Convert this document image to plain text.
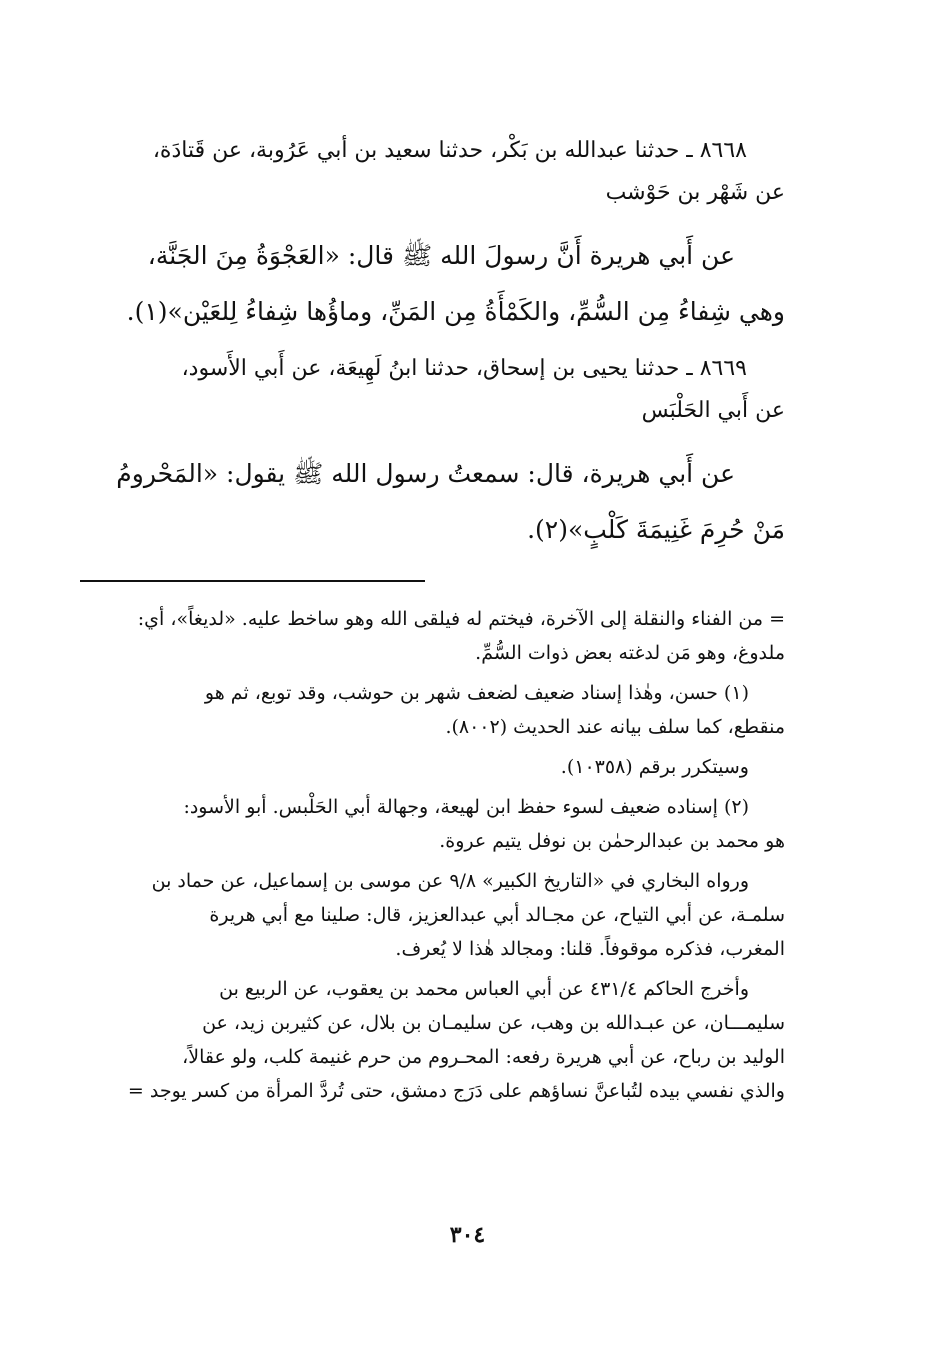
٨٦٦٨ ـ حدثنا عبدالله بن بَكْر، حدثنا سعيد بن أبي عَرُوبة، عن قَتادَة،
عن شَهْر بن حَوْشب
عن أَبي هريرة أَنَّ رسولَ الله ﷺ قال: «العَجْوَةُ مِنَ الجَنَّة،
وهي شِفاءُ مِن السُّمِّ، والكَمْأَةُ مِن المَنِّ، وماؤُها شِفاءُ لِلعَيْن»(١).
٨٦٦٩ ـ حدثنا يحيى بن إسحاق، حدثنا ابنُ لَهِيعَة، عن أَبي الأَسود،
عن أَبي الحَلْبَس
عن أَبي هريرة، قال: سمعتُ رسول الله ﷺ يقول: «المَحْرومُ
مَنْ حُرِمَ غَنِيمَةَ كَلْبٍ»(٢).
= من الفناء والنقلة إلى الآخرة، فيختم له فيلقى الله وهو ساخط عليه. «لديغاً»، أي:
ملدوغ، وهو مَن لدغته بعض ذوات السُّمِّ.
(١) حسن، وهٰذا إسناد ضعيف لضعف شهر بن حوشب، وقد توبع، ثم هو
منقطع، كما سلف بيانه عند الحديث (٨٠٠٢).
وسيتكرر برقم (١٠٣٥٨).
(٢) إسناده ضعيف لسوء حفظ ابن لهيعة، وجهالة أبي الحَلْبس. أبو الأسود:
هو محمد بن عبدالرحمٰن بن نوفل يتيم عروة.
ورواه البخاري في «التاريخ الكبير» ٩/٨ عن موسى بن إسماعيل، عن حماد بن
سلمـة، عن أبي التياح، عن مجـالد أبي عبدالعزيز، قال: صلينا مع أبي هريرة
المغرب، فذكره موقوفاً. قلنا: ومجالد هٰذا لا يُعرف.
وأخرج الحاكم ٤٣١/٤ عن أبي العباس محمد بن يعقوب، عن الربيع بن
سليمـــان، عن عبـدالله بن وهب، عن سليمـان بن بلال، عن كثيربن زيد، عن
الوليد بن رباح، عن أبي هريرة رفعه: المحـروم من حرم غنيمة كلب، ولو عقالاً،
والذي نفسي بيده لتُباعنَّ نساؤهم على دَرَج دمشق، حتى تُردَّ المرأة من كسر يوجد =
٣٠٤
